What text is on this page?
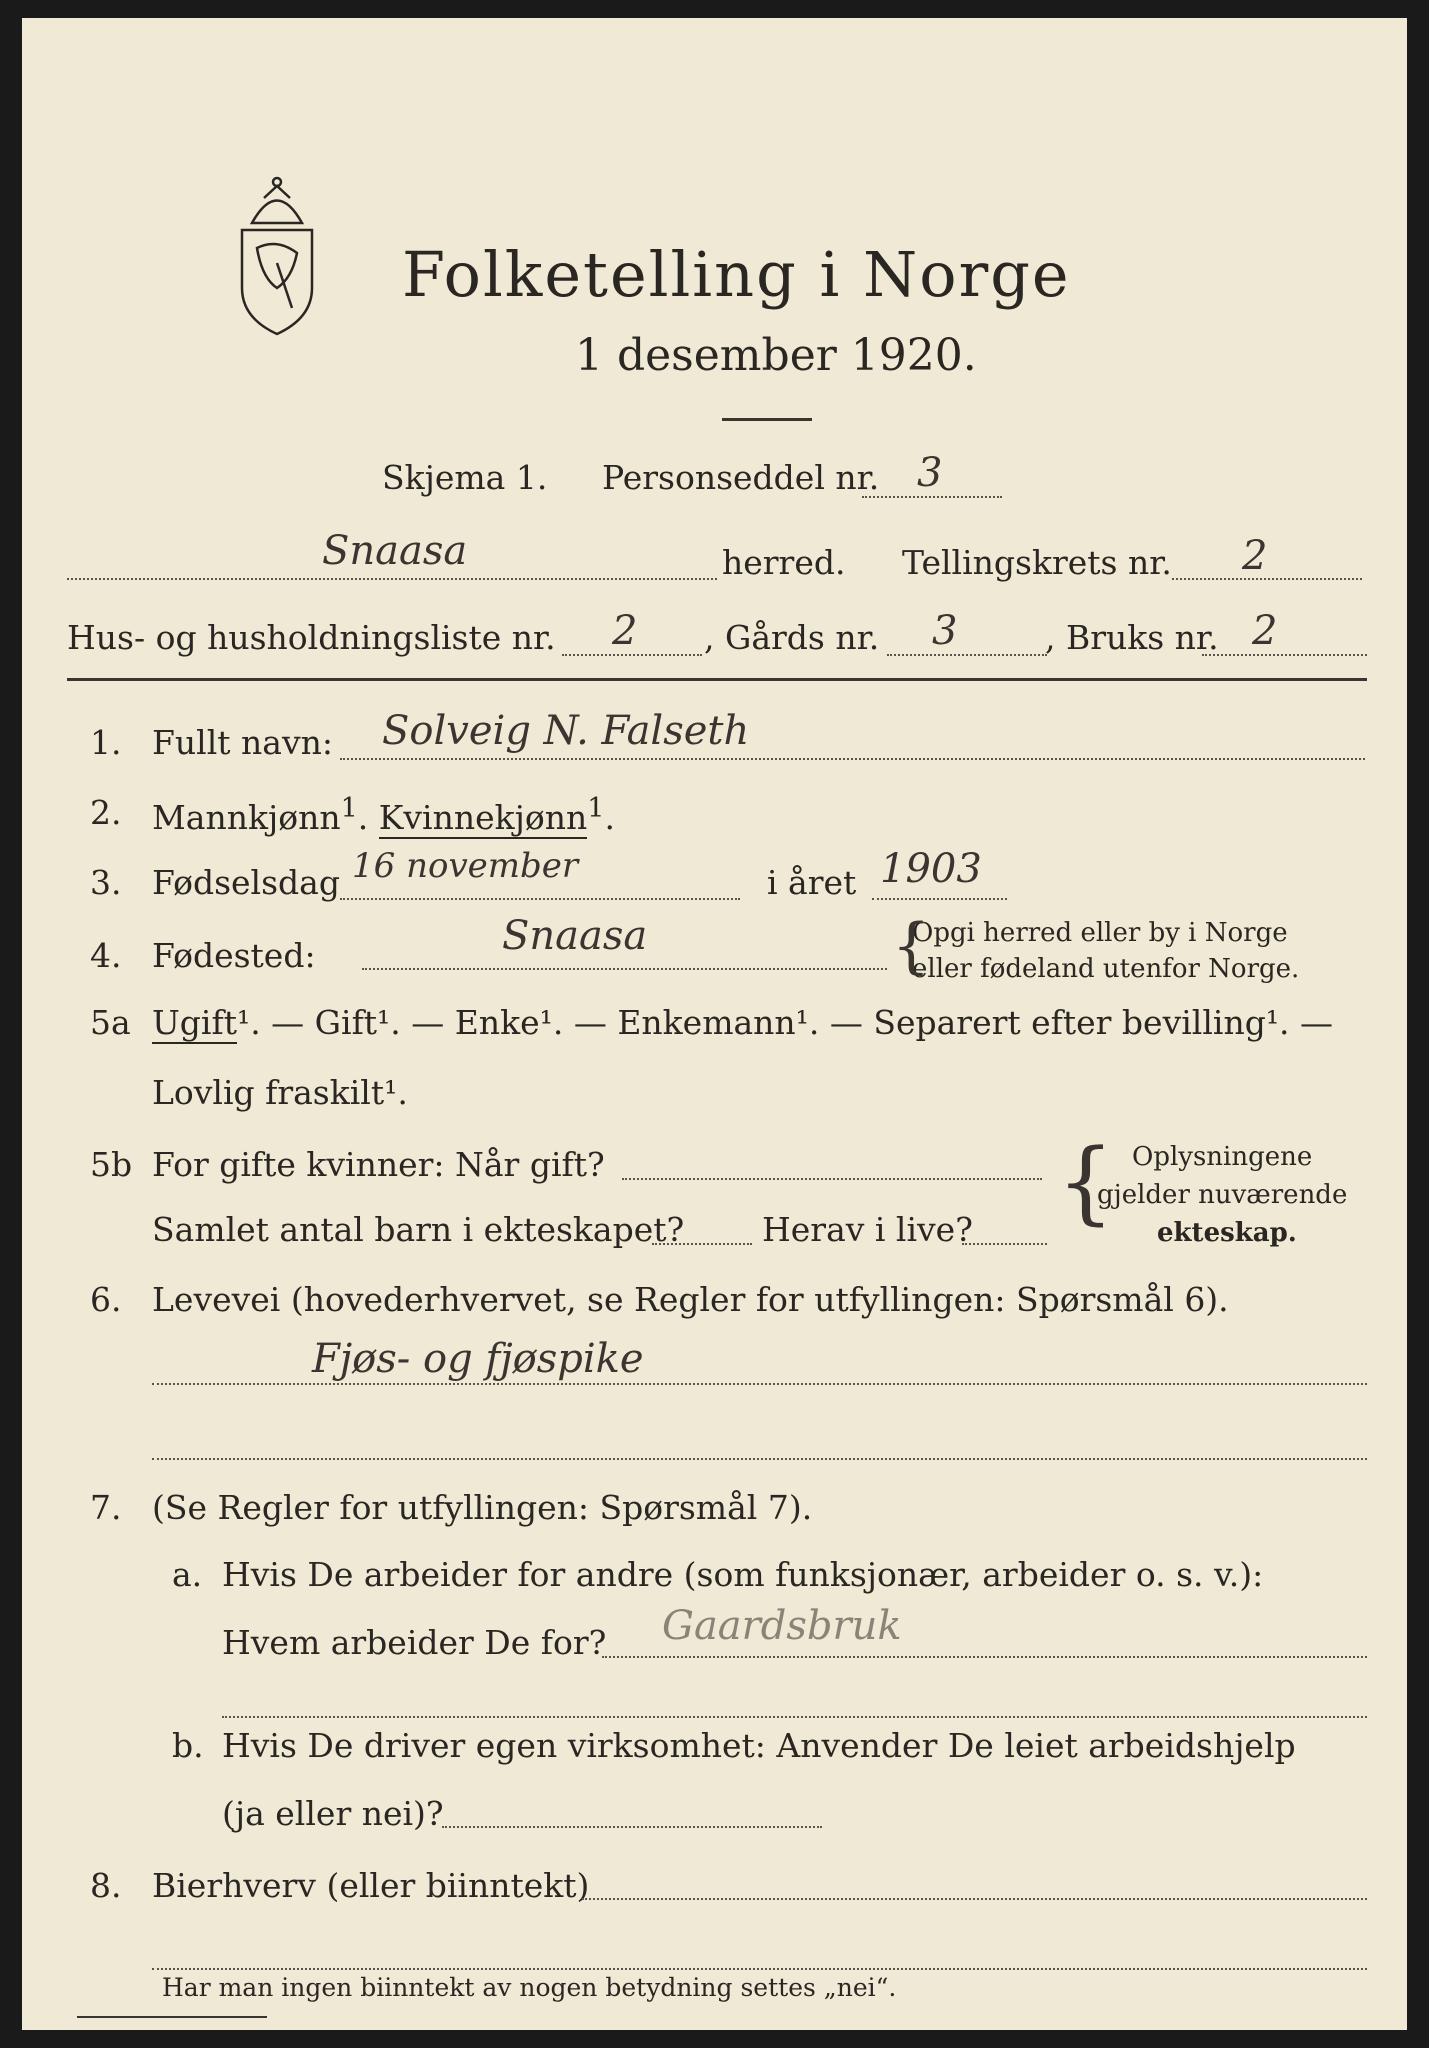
Folketelling i Norge
1 desember 1920.
Skjema 1. Personseddel nr. 3
Snaasa	herred. Tellingskrets nr. 2
Hus- og husholdningsliste nr. 2 , Gårds nr. 3	, Bruks nr. 2
1. Fullt navn: Solveig N. Falseth
2. Mannkjønn$^1$. Kvinnekjønn$^1$.
3. Fødselsdag 16 november	i året 1903
4. Fødested:	Snaasa	Opgi herred eller by i Norge
eller fødeland utenfor Norge.
{
5a Ugift¹. — Gift¹. — Enke¹. — Enkemann¹. — Separert efter bevilling¹. —
Lovlig fraskilt¹.
5b For gifte kvinner: Når gift?
Samlet antal barn i ekteskapet? Herav i live? { Oplysningene
gjelder nuværende
ekteskap.
6. Levevei (hovederhvervet, se Regler for utfyllingen: Spørsmål 6).
Fjøs- og fjøspike
7. (Se Regler for utfyllingen: Spørsmål 7).
a. Hvis De arbeider for andre (som funksjonær, arbeider o. s. v.):
Hvem arbeider De for? Gaardsbruk
b. Hvis De driver egen virksomhet: Anvender De leiet arbeidshjelp
(ja eller nei)?
8. Bierhverv (eller biinntekt)
Har man ingen biinntekt av nogen betydning settes „nei“.
